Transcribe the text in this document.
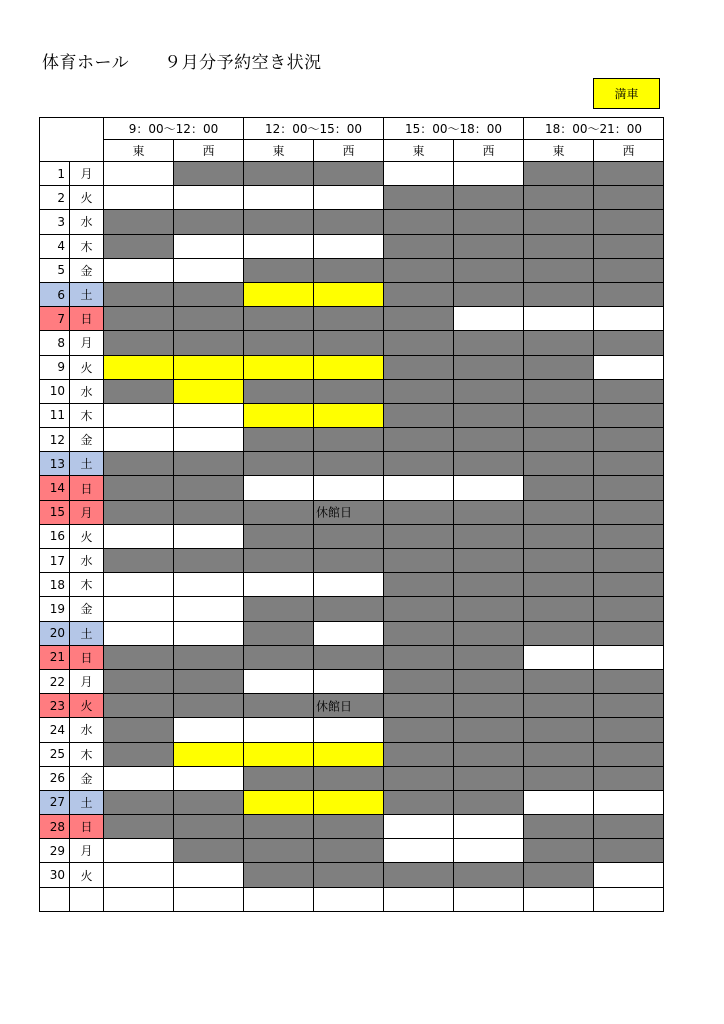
体育ホール　　９月分予約空き状況
満車
		9：00～12：00		12：00～15：00		15：00～18：00		18：00～21：00	
		東	西	東	西	東	西	東	西
1	月								
2	火								
3	水								
4	木								
5	金								
6	土								
7	日								
8	月								
9	火								
10	水								
11	木								
12	金								
13	土								
14	日								
15	月				休館日				

16	火								
17	水								
18	木								
19	金								
20	土								
21	日								
22	月								
23	火				休館日				

24	水								
25	木								
26	金								
27	土								
28	日								
29	月								
30	火								
